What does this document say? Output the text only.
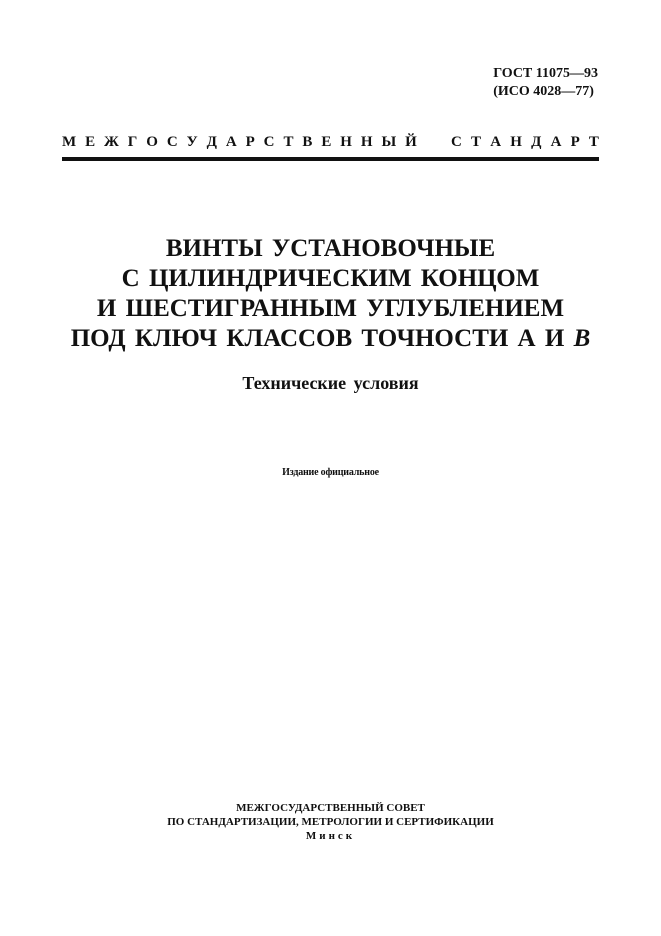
ГОСТ 11075—93
(ИСО 4028—77)
М Е Ж Г О С У Д А Р С Т В Е Н Н Ы Й С Т А Н Д А Р Т
ВИНТЫ УСТАНОВОЧНЫЕ
С ЦИЛИНДРИЧЕСКИМ КОНЦОМ
И ШЕСТИГРАННЫМ УГЛУБЛЕНИЕМ
ПОД КЛЮЧ КЛАССОВ ТОЧНОСТИ А И B
Технические условия
Издание официальное
МЕЖГОСУДАРСТВЕННЫЙ СОВЕТ
ПО СТАНДАРТИЗАЦИИ, МЕТРОЛОГИИ И СЕРТИФИКАЦИИ
Минск
